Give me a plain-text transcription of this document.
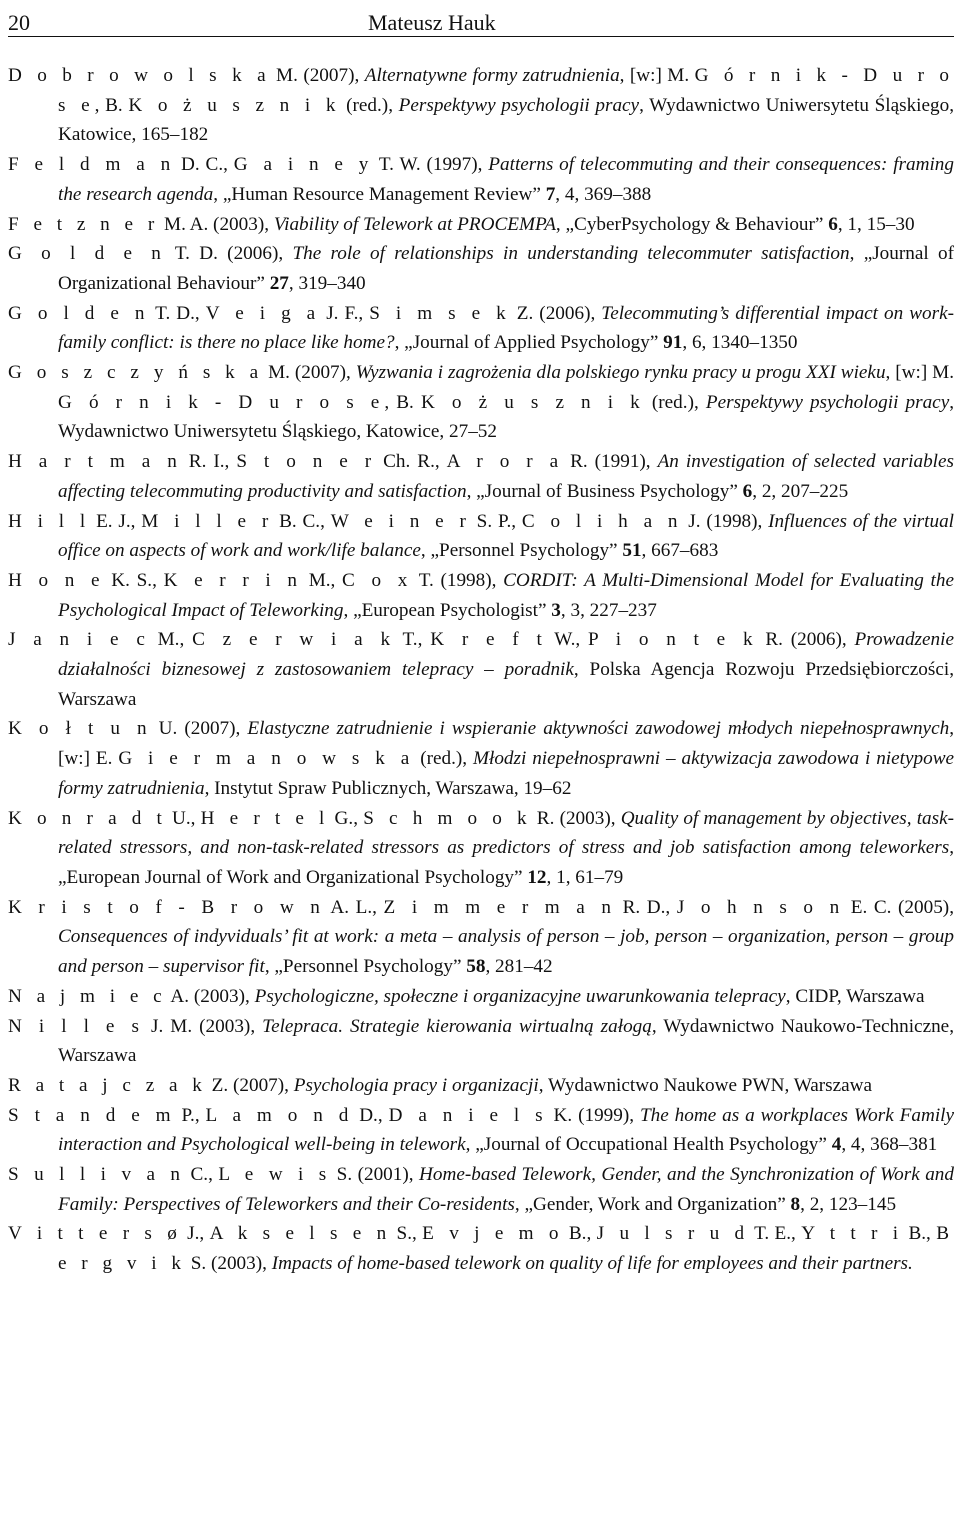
20	Mateusz Hauk

D o b r o w o l s k a M. (2007), Alternatywne formy zatrudnienia, [w:] M. G ó r n i k - D u r o s e, B. K o ż u s z n i k (red.), Perspektywy psychologii pracy, Wydawnictwo Uniwersytetu Śląskiego, Katowice, 165–182

F e l d m a n D. C., G a i n e y T. W. (1997), Patterns of telecommuting and their consequences: framing the research agenda, „Human Resource Management Review” 7, 4, 369–388

F e t z n e r M. A. (2003), Viability of Telework at PROCEMPA, „CyberPsychology & Behaviour” 6, 1, 15–30

G o l d e n T. D. (2006), The role of relationships in understanding telecommuter satisfaction, „Journal of Organizational Behaviour” 27, 319–340

G o l d e n T. D., V e i g a J. F., S i m s e k Z. (2006), Telecommuting’s differential impact on work-family conflict: is there no place like home?, „Journal of Applied Psychology” 91, 6, 1340–1350

G o s z c z y ń s k a M. (2007), Wyzwania i zagrożenia dla polskiego rynku pracy u progu XXI wieku, [w:] M. G ó r n i k - D u r o s e, B. K o ż u s z n i k (red.), Perspektywy psychologii pracy, Wydawnictwo Uniwersytetu Śląskiego, Katowice, 27–52

H a r t m a n R. I., S t o n e r Ch. R., A r o r a R. (1991), An investigation of selected variables affecting telecommuting productivity and satisfaction, „Journal of Business Psychology” 6, 2, 207–225

H i l l E. J., M i l l e r B. C., W e i n e r S. P., C o l i h a n J. (1998), Influences of the virtual office on aspects of work and work/life balance, „Personnel Psychology” 51, 667–683

H o n e K. S., K e r r i n M., C o x T. (1998), CORDIT: A Multi-Dimensional Model for Evaluating the Psychological Impact of Teleworking, „European Psychologist” 3, 3, 227–237

J a n i e c M., C z e r w i a k T., K r e f t W., P i o n t e k R. (2006), Prowadzenie działalności biznesowej z zastosowaniem telepracy – poradnik, Polska Agencja Rozwoju Przedsiębiorczości, Warszawa

K o ł t u n U. (2007), Elastyczne zatrudnienie i wspieranie aktywności zawodowej młodych niepełnosprawnych, [w:] E. G i e r m a n o w s k a (red.), Młodzi niepełnosprawni – aktywizacja zawodowa i nietypowe formy zatrudnienia, Instytut Spraw Publicznych, Warszawa, 19–62

K o n r a d t U., H e r t e l G., S c h m o o k R. (2003), Quality of management by objectives, task-related stressors, and non-task-related stressors as predictors of stress and job satisfaction among teleworkers, „European Journal of Work and Organizational Psychology” 12, 1, 61–79

K r i s t o f - B r o w n A. L., Z i m m e r m a n R. D., J o h n s o n E. C. (2005), Consequences of indyviduals’ fit at work: a meta – analysis of person – job, person – organization, person – group and person – supervisor fit, „Personnel Psychology” 58, 281–42

N a j m i e c A. (2003), Psychologiczne, społeczne i organizacyjne uwarunkowania telepracy, CIDP, Warszawa

N i l l e s J. M. (2003), Telepraca. Strategie kierowania wirtualną załogą, Wydawnictwo Naukowo-Techniczne, Warszawa

R a t a j c z a k Z. (2007), Psychologia pracy i organizacji, Wydawnictwo Naukowe PWN, Warszawa

S t a n d e m P., L a m o n d D., D a n i e l s K. (1999), The home as a workplaces Work Family interaction and Psychological well-being in telework, „Journal of Occupational Health Psychology” 4, 4, 368–381

S u l l i v a n C., L e w i s S. (2001), Home-based Telework, Gender, and the Synchronization of Work and Family: Perspectives of Teleworkers and their Co-residents, „Gender, Work and Organization” 8, 2, 123–145

V i t t e r s ø J., A k s e l s e n S., E v j e m o B., J u l s r u d T. E., Y t t r i B., B e r g v i k S. (2003), Impacts of home-based telework on quality of life for employees and their partners.
